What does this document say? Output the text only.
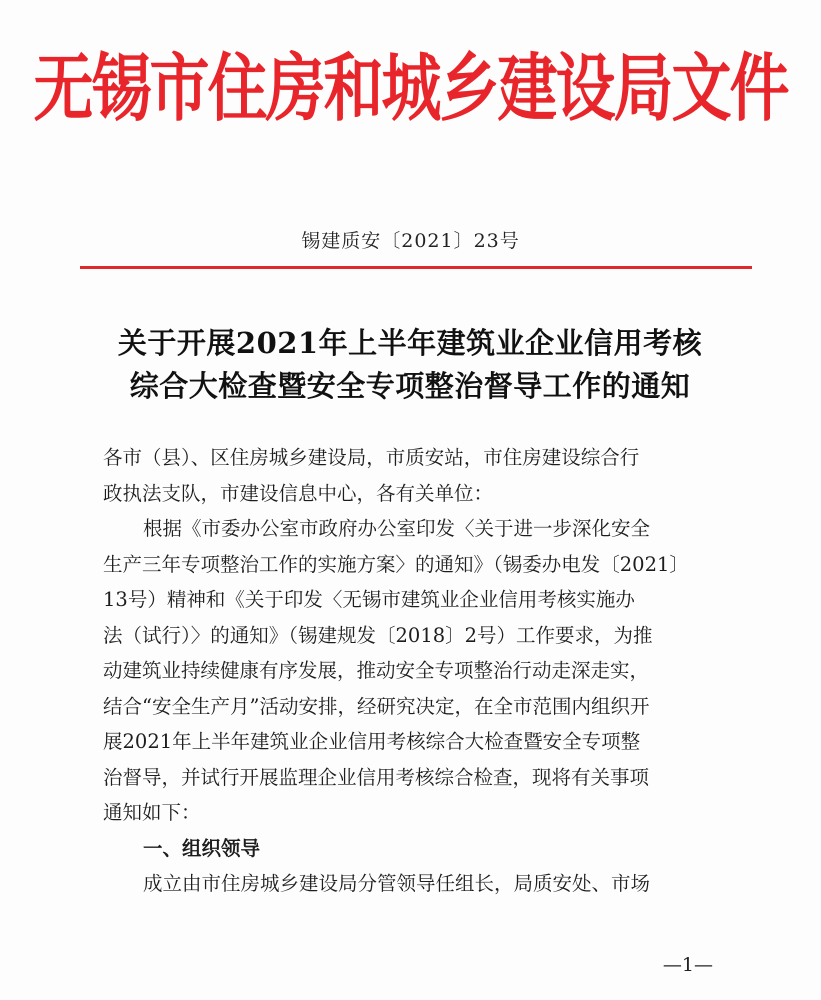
无锡市住房和城乡建设局文件
锡建质安〔2021〕23号
关于开展2021年上半年建筑业企业信用考核
综合大检查暨安全专项整治督导工作的通知
各市（县）、区住房城乡建设局，市质安站，市住房建设综合行
政执法支队，市建设信息中心，各有关单位：
根据《市委办公室市政府办公室印发〈关于进一步深化安全
生产三年专项整治工作的实施方案〉的通知》（锡委办电发〔2021〕
13号）精神和《关于印发〈无锡市建筑业企业信用考核实施办
法（试行）〉的通知》（锡建规发〔2018〕2号）工作要求，为推
动建筑业持续健康有序发展，推动安全专项整治行动走深走实，
结合“安全生产月”活动安排，经研究决定，在全市范围内组织开
展2021年上半年建筑业企业信用考核综合大检查暨安全专项整
治督导，并试行开展监理企业信用考核综合检查，现将有关事项
通知如下：
一、组织领导
成立由市住房城乡建设局分管领导任组长，局质安处、市场
—1—
